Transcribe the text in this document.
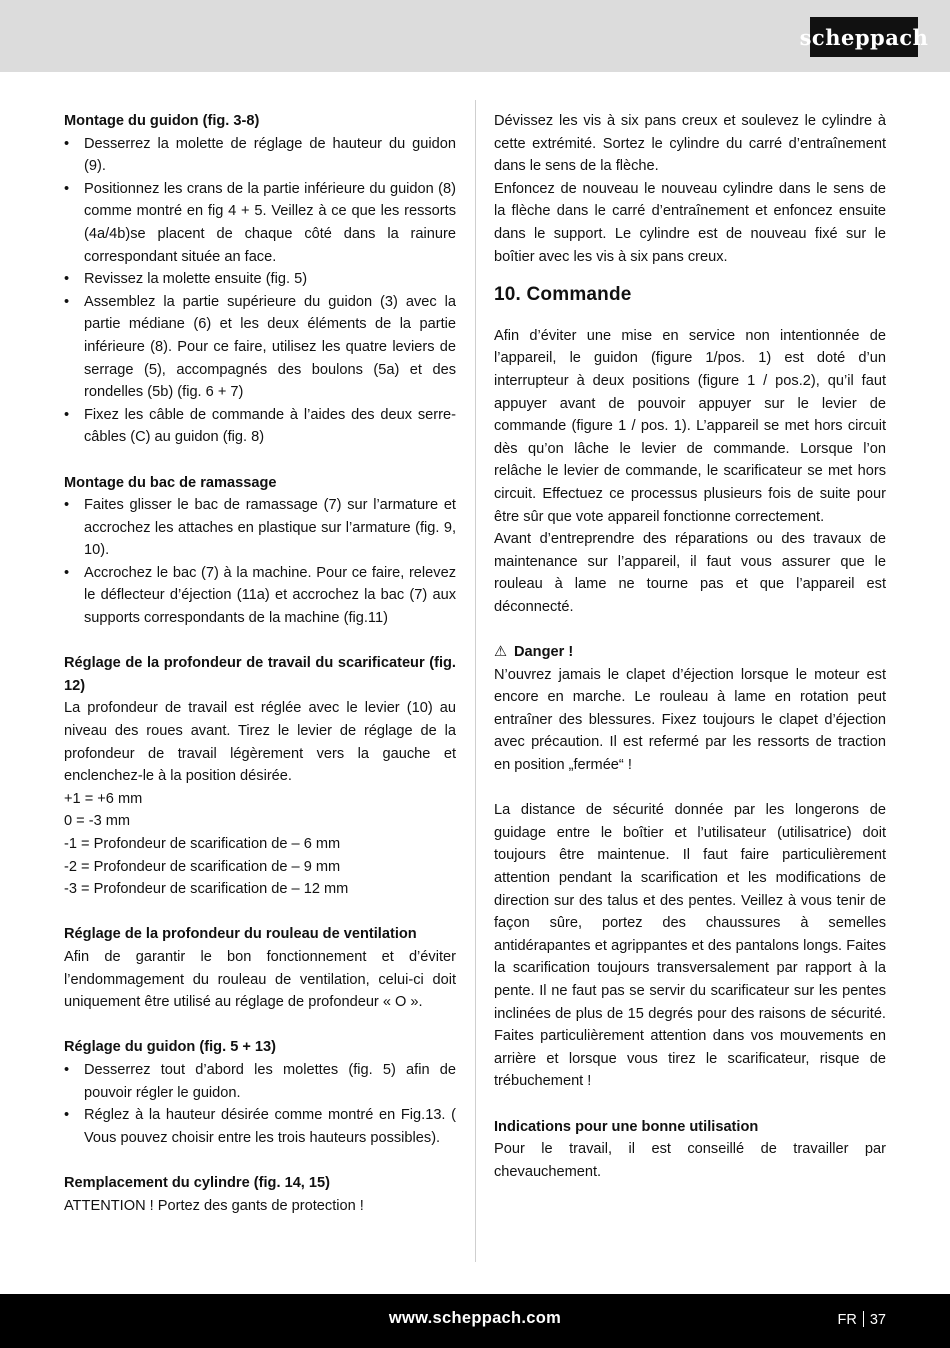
scheppach
Montage du guidon (fig. 3-8)
• Desserrez la molette de réglage de hauteur du guidon (9).
• Positionnez les crans de la partie inférieure du guidon (8) comme montré en fig 4 + 5. Veillez à ce que les ressorts (4a/4b)se placent de chaque côté dans la rainure correspondant située an face.
• Revissez la molette ensuite (fig. 5)
• Assemblez la partie supérieure du guidon (3) avec la partie médiane (6) et les deux éléments de la partie inférieure (8). Pour ce faire, utilisez les quatre leviers de serrage (5), accompagnés des boulons (5a) et des rondelles (5b) (fig. 6 + 7)
• Fixez les câble de commande à l’aides des deux serre-câbles (C) au guidon (fig. 8)
Montage du bac de ramassage
• Faites glisser le bac de ramassage (7) sur l’armature et accrochez les attaches en plastique sur l’armature (fig. 9, 10).
• Accrochez le bac (7) à la machine. Pour ce faire, relevez le déflecteur d’éjection (11a) et accrochez la bac (7) aux supports correspondants de la machine (fig.11)
Réglage de la profondeur de travail du scarificateur (fig. 12)

La profondeur de travail est réglée avec le levier (10) au niveau des roues avant. Tirez le levier de réglage de la profondeur de travail légèrement vers la gauche et enclenchez-le à la position désirée.

+1 = +6 mm

0 = -3 mm

-1 = Profondeur de scarification de – 6 mm

-2 = Profondeur de scarification de – 9 mm

-3 = Profondeur de scarification de – 12 mm

Réglage de la profondeur du rouleau de ventilation

Afin de garantir le bon fonctionnement et d’éviter l’endommagement du rouleau de ventilation, celui-ci doit uniquement être utilisé au réglage de profondeur « O ».

Réglage du guidon (fig. 5 + 13)
• Desserrez tout d’abord les molettes (fig. 5) afin de pouvoir régler le guidon.
• Réglez à la hauteur désirée comme montré en Fig.13. ( Vous pouvez choisir entre les trois hauteurs possibles).
Remplacement du cylindre (fig. 14, 15)

ATTENTION ! Portez des gants de protection !

Dévissez les vis à six pans creux et soulevez le cylindre à cette extrémité. Sortez le cylindre du carré d’entraînement dans le sens de la flèche.

Enfoncez de nouveau le nouveau cylindre dans le sens de la flèche dans le carré d’entraînement et enfoncez ensuite dans le support. Le cylindre est de nouveau fixé sur le boîtier avec les vis à six pans creux.

10. Commande

Afin d’éviter une mise en service non intentionnée de l’appareil, le guidon (figure 1/pos. 1) est doté d’un interrupteur à deux positions (figure 1 / pos.2), qu’il faut appuyer avant de pouvoir appuyer sur le levier de commande (figure 1 / pos. 1). L’appareil se met hors circuit dès qu’on lâche le levier de commande. Lorsque l’on relâche le levier de commande, le scarificateur se met hors circuit. Effectuez ce processus plusieurs fois de suite pour être sûr que vote appareil fonctionne correctement.

Avant d’entreprendre des réparations ou des travaux de maintenance sur l’appareil, il faut vous assurer que le rouleau à lame ne tourne pas et que l’appareil est déconnecté.

⚠ Danger !

N’ouvrez jamais le clapet d’éjection lorsque le moteur est encore en marche. Le rouleau à lame en rotation peut entraîner des blessures. Fixez toujours le clapet d’éjection avec précaution. Il est refermé par les ressorts de traction en position „fermée“ !

La distance de sécurité donnée par les longerons de guidage entre le boîtier et l’utilisateur (utilisatrice) doit toujours être maintenue. Il faut faire particulièrement attention pendant la scarification et les modifications de direction sur des talus et des pentes. Veillez à vous tenir de façon sûre, portez des chaussures à semelles antidérapantes et agrippantes et des pantalons longs. Faites la scarification toujours transversalement par rapport à la pente. Il ne faut pas se servir du scarificateur sur les pentes inclinées de plus de 15 degrés pour des raisons de sécurité. Faites particulièrement attention dans vos mouvements en arrière et lorsque vous tirez le scarificateur, risque de trébuchement !

Indications pour une bonne utilisation

Pour le travail, il est conseillé de travailler par chevauchement.

www.scheppach.com	FR 37
